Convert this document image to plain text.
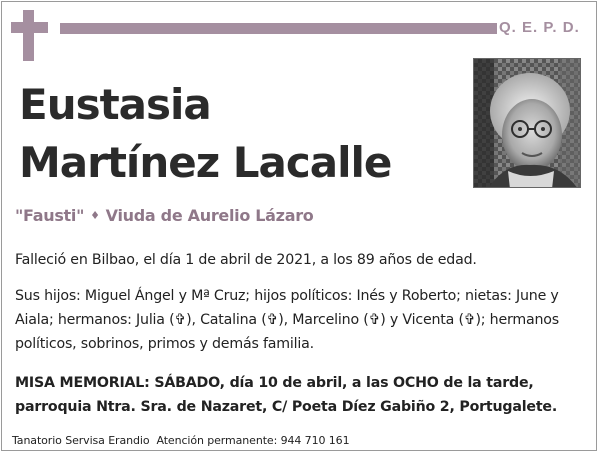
Q. E. P. D.
Eustasia
Martínez Lacalle
"Fausti" ♦ Viuda de Aurelio Lázaro
Falleció en Bilbao, el día 1 de abril de 2021, a los 89 años de edad.
Sus hijos: Miguel Ángel y Mª Cruz; hijos políticos: Inés y Roberto; nietas: June y Aiala; hermanos: Julia (✞), Catalina (✞), Marcelino (✞) y Vicenta (✞); hermanos políticos, sobrinos, primos y demás familia.
MISA MEMORIAL: SÁBADO, día 10 de abril, a las OCHO de la tarde, parroquia Ntra. Sra. de Nazaret, C/ Poeta Díez Gabiño 2, Portugalete.
Tanatorio Servisa Erandio Atención permanente: 944 710 161
